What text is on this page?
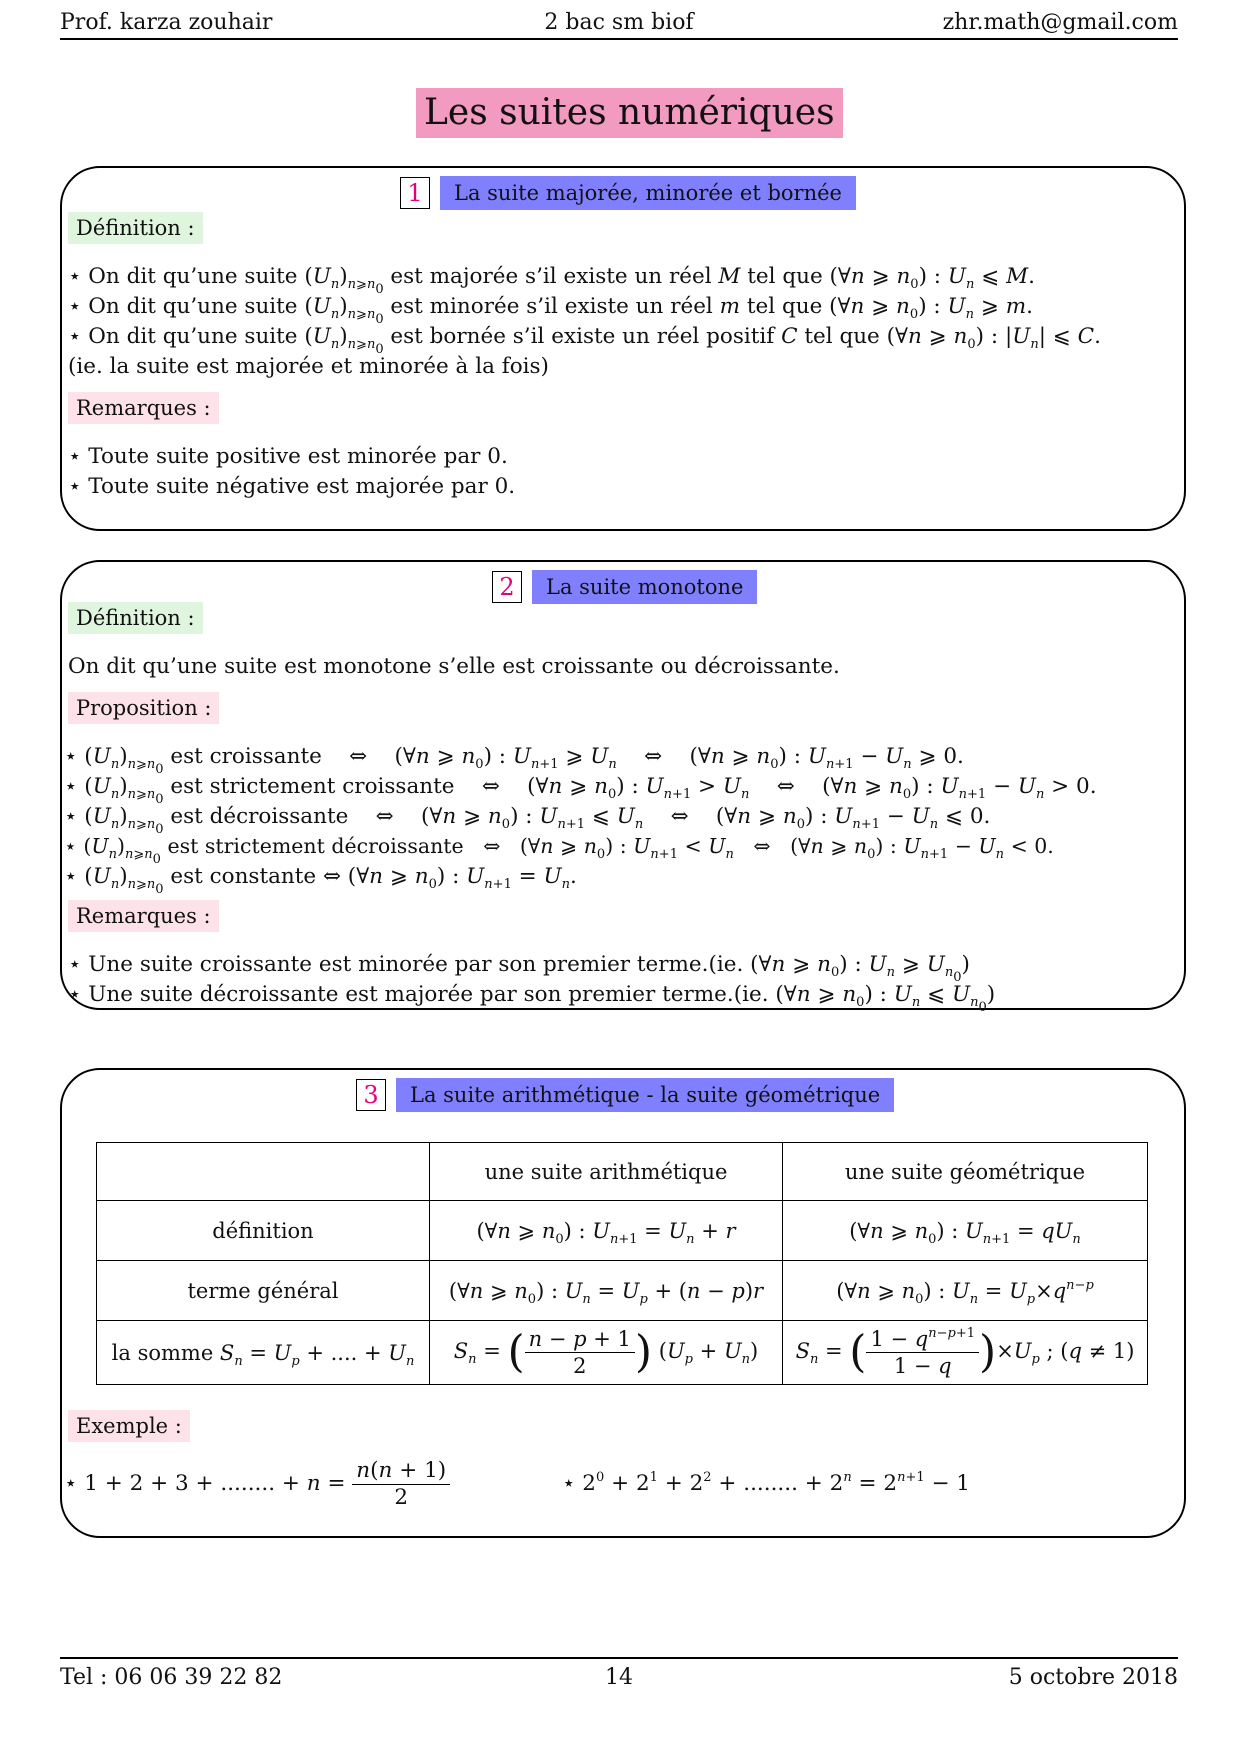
Prof. karza zouhair	2 bac sm biof	zhr.math@gmail.com
Les suites numériques
1 La suite majorée, minorée et bornée
Définition :
⋆ On dit qu’une suite $(U_n)_{n⩾n_0}$ est majorée s’il existe un réel M tel que (∀n ⩾ $n_0$) : $U_n$ ⩽ M.
⋆ On dit qu’une suite $(U_n)_{n⩾n_0}$ est minorée s’il existe un réel m tel que (∀n ⩾ $n_0$) : $U_n$ ⩾ m.
⋆ On dit qu’une suite $(U_n)_{n⩾n_0}$ est bornée s’il existe un réel positif C tel que (∀n ⩾ $n_0$) : $|U_n|$ ⩽ C.
(ie. la suite est majorée et minorée à la fois)
Remarques :
⋆ Toute suite positive est minorée par 0.
⋆ Toute suite négative est majorée par 0.
2 La suite monotone
Définition :
On dit qu’une suite est monotone s’elle est croissante ou décroissante.
Proposition :
⋆ $(U_n)_{n⩾n_0}$ est croissante    ⇔    (∀n ⩾ $n_0$) : $U_{n+1}$ ⩾ $U_n$    ⇔    (∀n ⩾ $n_0$) : $U_{n+1} - U_n$ ⩾ 0.
⋆ $(U_n)_{n⩾n_0}$ est strictement croissante    ⇔    (∀n ⩾ $n_0$) : $U_{n+1} > U_n$    ⇔    (∀n ⩾ $n_0$) : $U_{n+1} - U_n > 0$.
⋆ $(U_n)_{n⩾n_0}$ est décroissante    ⇔    (∀n ⩾ $n_0$) : $U_{n+1}$ ⩽ $U_n$    ⇔    (∀n ⩾ $n_0$) : $U_{n+1} - U_n$ ⩽ 0.
⋆ $(U_n)_{n⩾n_0}$ est strictement décroissante   ⇔   (∀n ⩾ $n_0$) : $U_{n+1} < U_n$   ⇔   (∀n ⩾ $n_0$) : $U_{n+1} - U_n < 0$.
⋆ $(U_n)_{n⩾n_0}$ est constante ⇔ (∀n ⩾ $n_0$) : $U_{n+1} = U_n$.
Remarques :
⋆ Une suite croissante est minorée par son premier terme.(ie. (∀n ⩾ $n_0$) : $U_n$ ⩾ $U_{n_0}$)
⋆ Une suite décroissante est majorée par son premier terme.(ie. (∀n ⩾ $n_0$) : $U_n$ ⩽ $U_{n_0}$)
3 La suite arithmétique - la suite géométrique
	une suite arithmétique	une suite géométrique
définition	(∀n ⩾ $n_0$) : $U_{n+1} = U_n + r$	(∀n ⩾ $n_0$) : $U_{n+1} = qU_n$
terme général	(∀n ⩾ $n_0$) : $U_n = U_p + (n - p)r$	(∀n ⩾ $n_0$) : $U_n = U_p\times q^{n-p}$
la somme $S_n = U_p$ + .... + $U_n$	$S_n$ = ( $\frac{n - p + 1}{2}$ ) $(U_p + U_n)$	$S_n$ = ( $\frac{1 - q^{n-p+1}}{1 - q} )\times U_p$ ; (q ≠ 1)
Exemple :
⋆ 1 + 2 + 3 + ........ + $n = \frac{n(n + 1)}{2}$	⋆ $2^0 + 2^1 + 2^2$ + ........ + $2^n = 2^{n+1} - 1$
Tel : 06 06 39 22 82	14	5 octobre 2018
